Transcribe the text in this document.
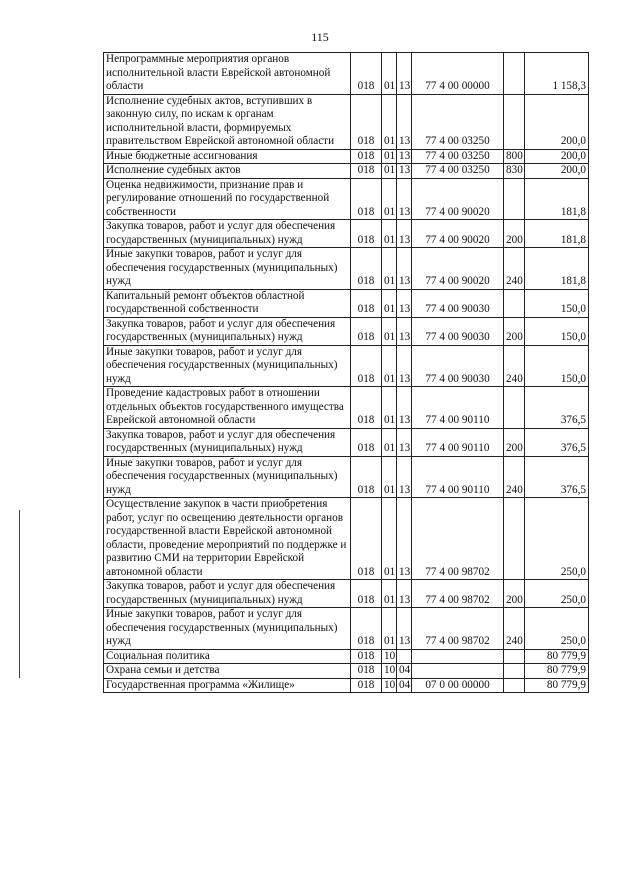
115
Непрограммные мероприятия органов исполнительной власти Еврейской автономной области	018	01	13	77 4 00 00000		1 158,3
Исполнение судебных актов, вступивших в законную силу, по искам к органам исполнительной власти, формируемых правительством Еврейской автономной области	018	01	13	77 4 00 03250		200,0
Иные бюджетные ассигнования	018	01	13	77 4 00 03250	800	200,0
Исполнение судебных актов	018	01	13	77 4 00 03250	830	200,0
Оценка недвижимости, признание прав и регулирование отношений по государственной собственности	018	01	13	77 4 00 90020		181,8
Закупка товаров, работ и услуг для обеспечения государственных (муниципальных) нужд	018	01	13	77 4 00 90020	200	181,8
Иные закупки товаров, работ и услуг для обеспечения государственных (муниципальных) нужд	018	01	13	77 4 00 90020	240	181,8
Капитальный ремонт объектов областной государственной собственности	018	01	13	77 4 00 90030		150,0
Закупка товаров, работ и услуг для обеспечения государственных (муниципальных) нужд	018	01	13	77 4 00 90030	200	150,0
Иные закупки товаров, работ и услуг для обеспечения государственных (муниципальных) нужд	018	01	13	77 4 00 90030	240	150,0
Проведение кадастровых работ в отношении отдельных объектов государственного имущества Еврейской автономной области	018	01	13	77 4 00 90110		376,5
Закупка товаров, работ и услуг для обеспечения государственных (муниципальных) нужд	018	01	13	77 4 00 90110	200	376,5
Иные закупки товаров, работ и услуг для обеспечения государственных (муниципальных) нужд	018	01	13	77 4 00 90110	240	376,5
Осуществление закупок в части приобретения работ, услуг по освещению деятельности органов государственной власти Еврейской автономной области, проведение мероприятий по поддержке и развитию СМИ на территории Еврейской автономной области	018	01	13	77 4 00 98702		250,0
Закупка товаров, работ и услуг для обеспечения государственных (муниципальных) нужд	018	01	13	77 4 00 98702	200	250,0
Иные закупки товаров, работ и услуг для обеспечения государственных (муниципальных) нужд	018	01	13	77 4 00 98702	240	250,0
Социальная политика	018	10				80 779,9
Охрана семьи и детства	018	10	04			80 779,9
Государственная программа «Жилище»	018	10	04	07 0 00 00000		80 779,9
